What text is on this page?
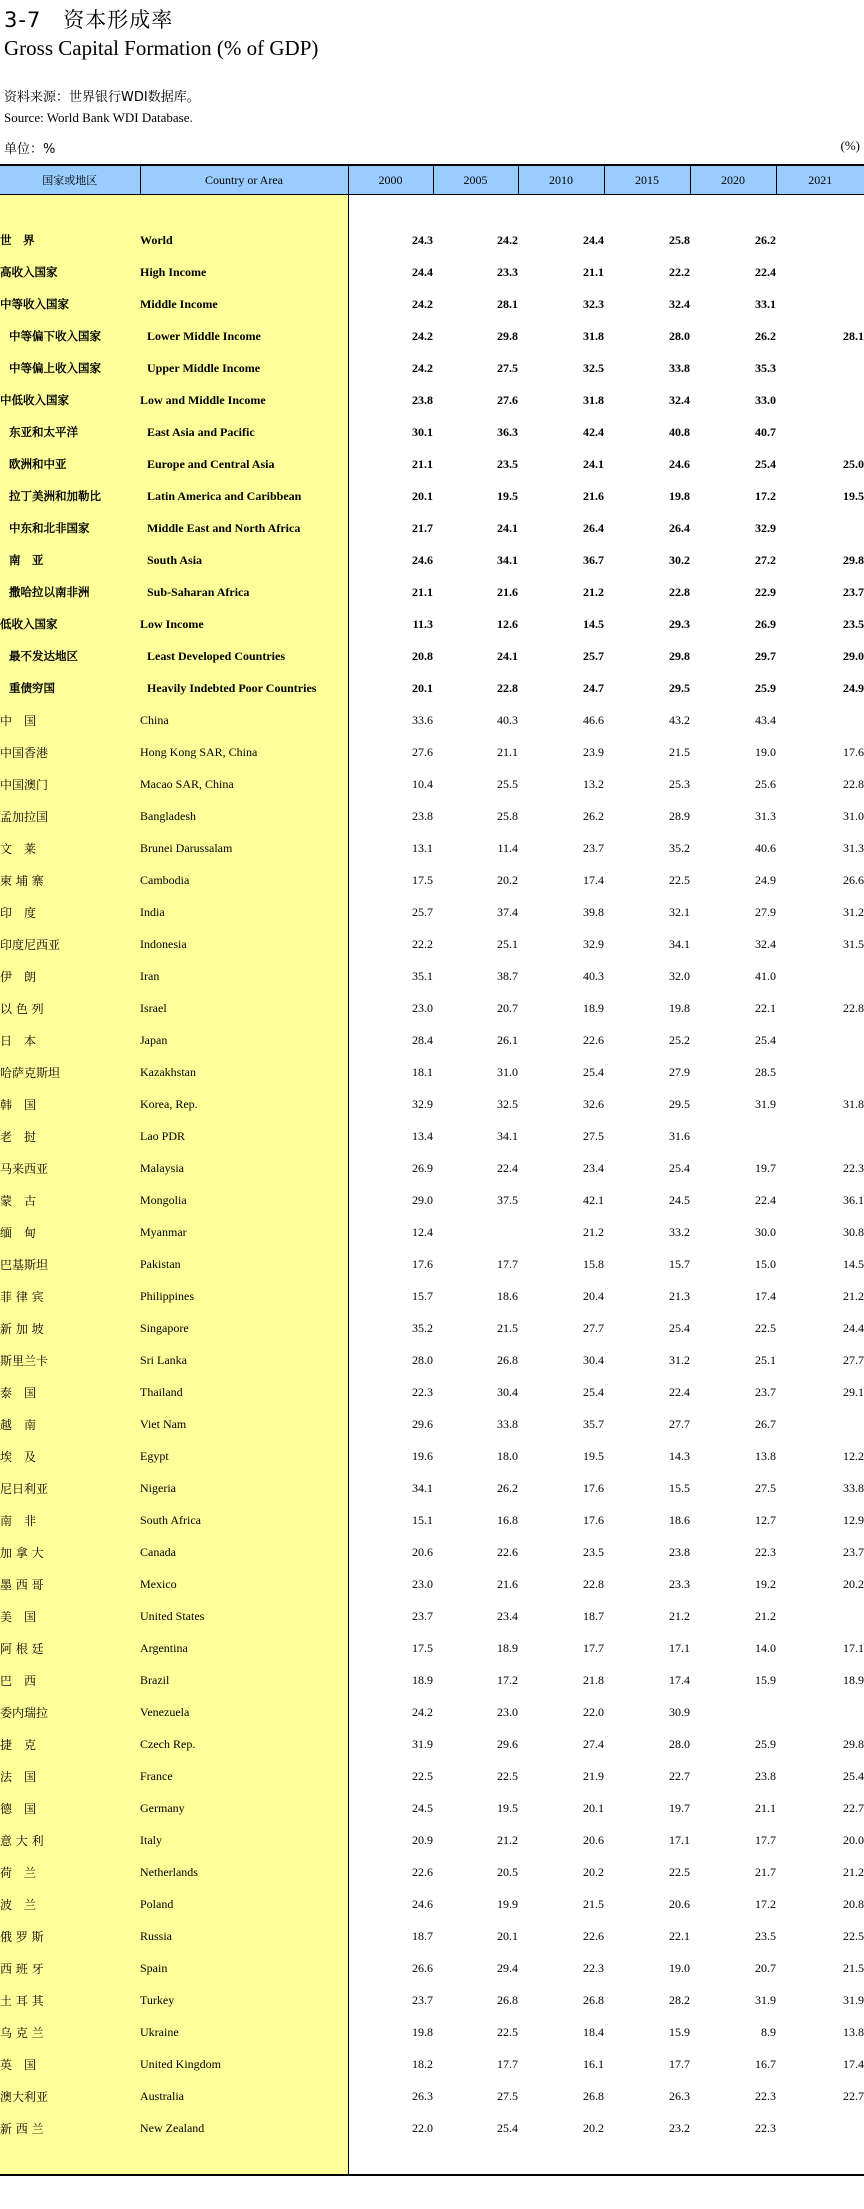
3-7　资本形成率
Gross Capital Formation (% of GDP)
资料来源：世界银行WDI数据库。
Source: World Bank WDI Database.
单位：%	(%)
国家或地区	Country or Area	2000	2005	2010	2015	2020	2021

世　界	World	24.3	24.2	24.4	25.8	26.2	
高收入国家	High Income	24.4	23.3	21.1	22.2	22.4	
中等收入国家	Middle Income	24.2	28.1	32.3	32.4	33.1	
中等偏下收入国家	Lower Middle Income	24.2	29.8	31.8	28.0	26.2	28.1
中等偏上收入国家	Upper Middle Income	24.2	27.5	32.5	33.8	35.3	
中低收入国家	Low and Middle Income	23.8	27.6	31.8	32.4	33.0	
东亚和太平洋	East Asia and Pacific	30.1	36.3	42.4	40.8	40.7	
欧洲和中亚	Europe and Central Asia	21.1	23.5	24.1	24.6	25.4	25.0
拉丁美洲和加勒比	Latin America and Caribbean	20.1	19.5	21.6	19.8	17.2	19.5
中东和北非国家	Middle East and North Africa	21.7	24.1	26.4	26.4	32.9	
南　亚	South Asia	24.6	34.1	36.7	30.2	27.2	29.8
撒哈拉以南非洲	Sub-Saharan Africa	21.1	21.6	21.2	22.8	22.9	23.7
低收入国家	Low Income	11.3	12.6	14.5	29.3	26.9	23.5
最不发达地区	Least Developed Countries	20.8	24.1	25.7	29.8	29.7	29.0
重债穷国	Heavily Indebted Poor Countries	20.1	22.8	24.7	29.5	25.9	24.9
中　国	China	33.6	40.3	46.6	43.2	43.4	
中国香港	Hong Kong SAR, China	27.6	21.1	23.9	21.5	19.0	17.6
中国澳门	Macao SAR, China	10.4	25.5	13.2	25.3	25.6	22.8
孟加拉国	Bangladesh	23.8	25.8	26.2	28.9	31.3	31.0
文　莱	Brunei Darussalam	13.1	11.4	23.7	35.2	40.6	31.3
柬 埔 寨	Cambodia	17.5	20.2	17.4	22.5	24.9	26.6
印　度	India	25.7	37.4	39.8	32.1	27.9	31.2
印度尼西亚	Indonesia	22.2	25.1	32.9	34.1	32.4	31.5
伊　朗	Iran	35.1	38.7	40.3	32.0	41.0	
以 色 列	Israel	23.0	20.7	18.9	19.8	22.1	22.8
日　本	Japan	28.4	26.1	22.6	25.2	25.4	
哈萨克斯坦	Kazakhstan	18.1	31.0	25.4	27.9	28.5	
韩　国	Korea, Rep.	32.9	32.5	32.6	29.5	31.9	31.8
老　挝	Lao PDR	13.4	34.1	27.5	31.6		
马来西亚	Malaysia	26.9	22.4	23.4	25.4	19.7	22.3
蒙　古	Mongolia	29.0	37.5	42.1	24.5	22.4	36.1
缅　甸	Myanmar	12.4		21.2	33.2	30.0	30.8
巴基斯坦	Pakistan	17.6	17.7	15.8	15.7	15.0	14.5
菲 律 宾	Philippines	15.7	18.6	20.4	21.3	17.4	21.2
新 加 坡	Singapore	35.2	21.5	27.7	25.4	22.5	24.4
斯里兰卡	Sri Lanka	28.0	26.8	30.4	31.2	25.1	27.7
泰　国	Thailand	22.3	30.4	25.4	22.4	23.7	29.1
越　南	Viet Nam	29.6	33.8	35.7	27.7	26.7	
埃　及	Egypt	19.6	18.0	19.5	14.3	13.8	12.2
尼日利亚	Nigeria	34.1	26.2	17.6	15.5	27.5	33.8
南　非	South Africa	15.1	16.8	17.6	18.6	12.7	12.9
加 拿 大	Canada	20.6	22.6	23.5	23.8	22.3	23.7
墨 西 哥	Mexico	23.0	21.6	22.8	23.3	19.2	20.2
美　国	United States	23.7	23.4	18.7	21.2	21.2	
阿 根 廷	Argentina	17.5	18.9	17.7	17.1	14.0	17.1
巴　西	Brazil	18.9	17.2	21.8	17.4	15.9	18.9
委内瑞拉	Venezuela	24.2	23.0	22.0	30.9		
捷　克	Czech Rep.	31.9	29.6	27.4	28.0	25.9	29.8
法　国	France	22.5	22.5	21.9	22.7	23.8	25.4
德　国	Germany	24.5	19.5	20.1	19.7	21.1	22.7
意 大 利	Italy	20.9	21.2	20.6	17.1	17.7	20.0
荷　兰	Netherlands	22.6	20.5	20.2	22.5	21.7	21.2
波　兰	Poland	24.6	19.9	21.5	20.6	17.2	20.8
俄 罗 斯	Russia	18.7	20.1	22.6	22.1	23.5	22.5
西 班 牙	Spain	26.6	29.4	22.3	19.0	20.7	21.5
土 耳 其	Turkey	23.7	26.8	26.8	28.2	31.9	31.9
乌 克 兰	Ukraine	19.8	22.5	18.4	15.9	8.9	13.8
英　国	United Kingdom	18.2	17.7	16.1	17.7	16.7	17.4
澳大利亚	Australia	26.3	27.5	26.8	26.3	22.3	22.7
新 西 兰	New Zealand	22.0	25.4	20.2	23.2	22.3	
